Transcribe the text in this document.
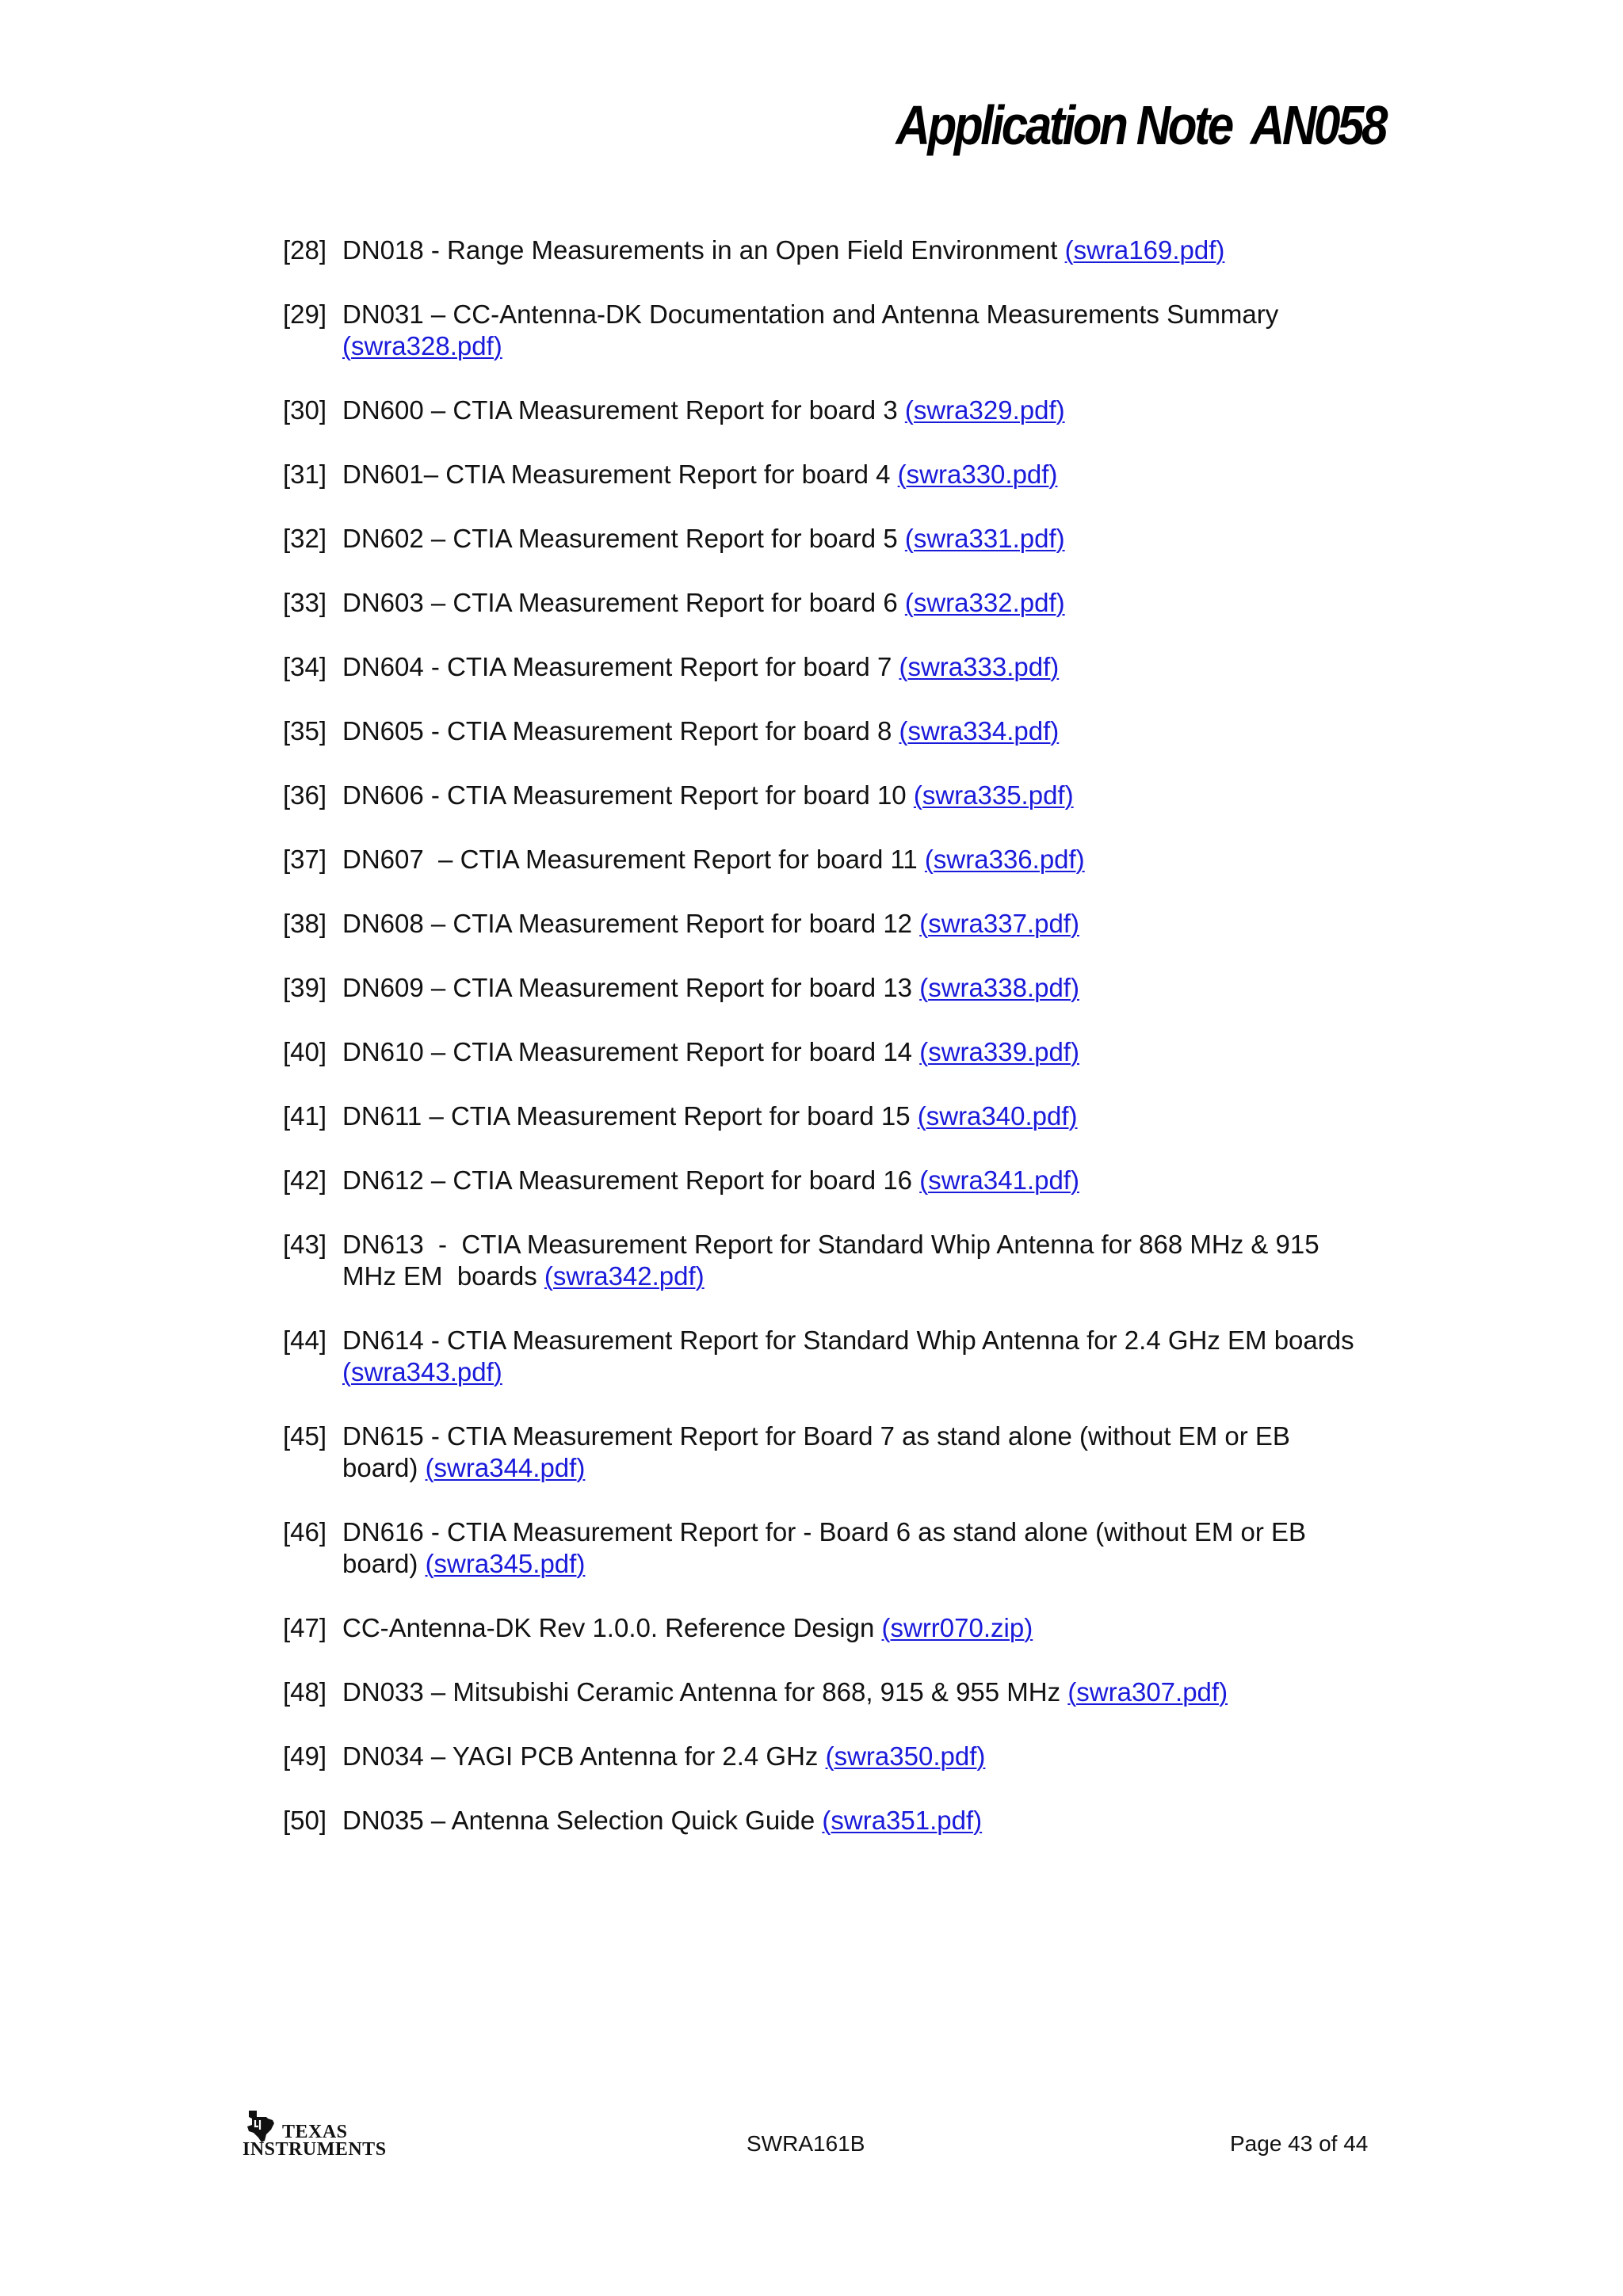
Application Note AN058
[28] DN018 - Range Measurements in an Open Field Environment (swra169.pdf)
[29] DN031 – CC-Antenna-DK Documentation and Antenna Measurements Summary
(swra328.pdf)
[30] DN600 – CTIA Measurement Report for board 3 (swra329.pdf)
[31] DN601– CTIA Measurement Report for board 4 (swra330.pdf)
[32] DN602 – CTIA Measurement Report for board 5 (swra331.pdf)
[33] DN603 – CTIA Measurement Report for board 6 (swra332.pdf)
[34] DN604 - CTIA Measurement Report for board 7 (swra333.pdf)
[35] DN605 - CTIA Measurement Report for board 8 (swra334.pdf)
[36] DN606 - CTIA Measurement Report for board 10 (swra335.pdf)
[37] DN607  – CTIA Measurement Report for board 11 (swra336.pdf)
[38] DN608 – CTIA Measurement Report for board 12 (swra337.pdf)
[39] DN609 – CTIA Measurement Report for board 13 (swra338.pdf)
[40] DN610 – CTIA Measurement Report for board 14 (swra339.pdf)
[41] DN611 – CTIA Measurement Report for board 15 (swra340.pdf)
[42] DN612 – CTIA Measurement Report for board 16 (swra341.pdf)
[43] DN613  -  CTIA Measurement Report for Standard Whip Antenna for 868 MHz & 915
MHz EM  boards (swra342.pdf)
[44] DN614 - CTIA Measurement Report for Standard Whip Antenna for 2.4 GHz EM boards
(swra343.pdf)
[45] DN615 - CTIA Measurement Report for Board 7 as stand alone (without EM or EB
board) (swra344.pdf)
[46] DN616 - CTIA Measurement Report for - Board 6 as stand alone (without EM or EB
board) (swra345.pdf)
[47] CC-Antenna-DK Rev 1.0.0. Reference Design (swrr070.zip)
[48] DN033 – Mitsubishi Ceramic Antenna for 868, 915 & 955 MHz (swra307.pdf)
[49] DN034 – YAGI PCB Antenna for 2.4 GHz (swra350.pdf)
[50] DN035 – Antenna Selection Quick Guide (swra351.pdf)
TEXAS
INSTRUMENTS	SWRA161B	Page 43 of 44
